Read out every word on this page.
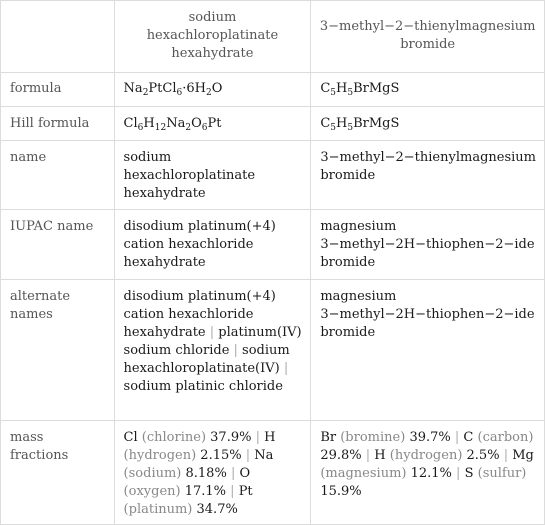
	sodium hexachloroplatinate hexahydrate	3−methyl−2−thienylmagnesium bromide
formula	$Na_2PtCl_6\cdot 6H_2O$	$C_5H_5BrMgS$
Hill formula	$Cl_6H_{12}Na_2O_6Pt$	$C_5H_5BrMgS$
name	sodium hexachloroplatinate hexahydrate	3−methyl−2−thienylmagnesium bromide
IUPAC name	disodium platinum(+4) cation hexachloride hexahydrate	magnesium 3−methyl−2H−thiophen−2−ide bromide
alternate names	disodium platinum(+4) cation hexachloride hexahydrate | platinum(IV) sodium chloride | sodium hexachloroplatinate(IV) | sodium platinic chloride	magnesium 3−methyl−2H−thiophen−2−ide bromide
mass fractions	Cl (chlorine) 37.9% | H (hydrogen) 2.15% | Na (sodium) 8.18% | O (oxygen) 17.1% | Pt (platinum) 34.7%	Br (bromine) 39.7% | C (carbon) 29.8% | H (hydrogen) 2.5% | Mg (magnesium) 12.1% | S (sulfur) 15.9%
